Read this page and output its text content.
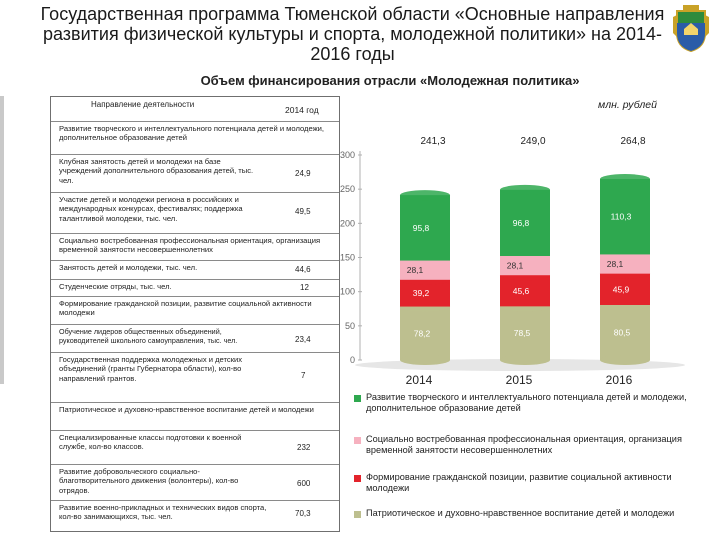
Государственная программа Тюменской области «Основные направления развития физической культуры и спорта, молодежной политики» на 2014-2016 годы
Объем финансирования отрасли «Молодежная политика»
млн. рублей
Направление деятельности
2014 год
Развитие творческого и интеллектуального потенциала детей и молодежи, дополнительное образование детей
Клубная занятость детей и молодежи на базе учреждений дополнительного образования детей, тыс. чел.
24,9
Участие детей и молодежи региона в российских и международных конкурсах, фестивалях; поддержка талантливой молодежи, тыс. чел.
49,5
Социально востребованная профессиональная ориентация, организация временной занятости несовершеннолетних
Занятость детей и молодежи, тыс. чел.	44,6
Студенческие отряды, тыс. чел.	12
Формирование гражданской позиции, развитие социальной активности молодежи
Обучение лидеров общественных объединений, руководителей школьного самоуправления, тыс. чел.	23,4
Государственная поддержка молодежных и детских объединений (гранты Губернатора области), кол-во направлений грантов.	7
Патриотическое и духовно-нравственное воспитание детей и молодежи
Специализированные классы подготовки к военной службе, кол-во классов.	232
Развитие добровольческого социально-благотворительного движения (волонтеры), кол-во отрядов.
600
Развитие военно-прикладных и технических видов спорта, кол-во занимающихся, тыс. чел.	70,3
300
250
200
150
100
50
0
78,2
39,2
28,1
95,8
241,3
2014
78,5
45,6
28,1
96,8
249,0
2015
80,5
45,9
28,1
110,3
264,8
2016
Развитие творческого и интеллектуального потенциала детей и молодежи, дополнительное образование детей
Социально востребованная профессиональная ориентация, организация временной занятости несовершеннолетних
Формирование гражданской позиции, развитие социальной активности молодежи
Патриотическое и духовно-нравственное воспитание детей и молодежи
